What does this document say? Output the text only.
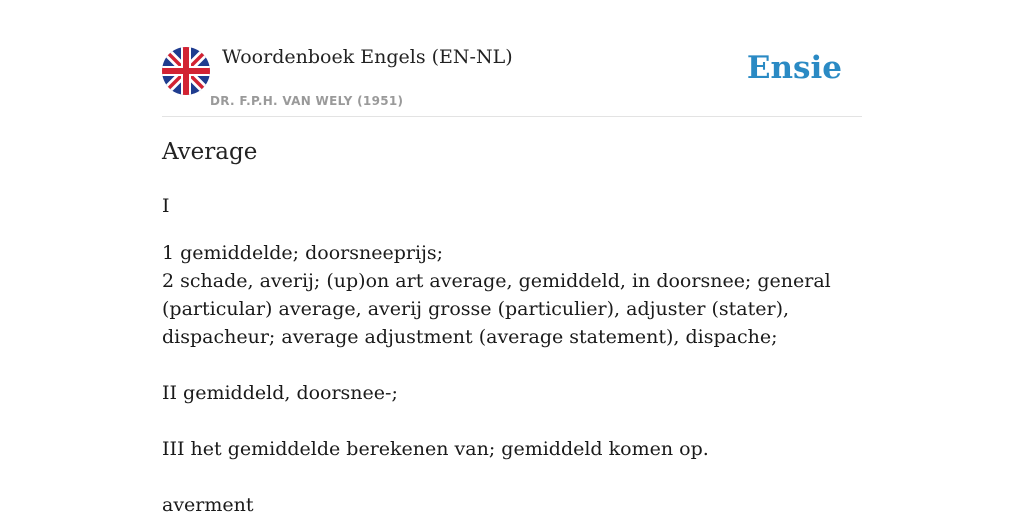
Woordenboek Engels (EN-NL)
DR. F.P.H. VAN WELY (1951)
Ensie
Average

I

1 gemiddelde; doorsneeprijs;

2 schade, averij; (up)on art average, gemiddeld, in doorsnee; general (particular) average, averij grosse (particulier), adjuster (stater), dispacheur; average adjustment (average statement), dispache;

II gemiddeld, doorsnee-;

III het gemiddelde berekenen van; gemiddeld komen op.

averment
